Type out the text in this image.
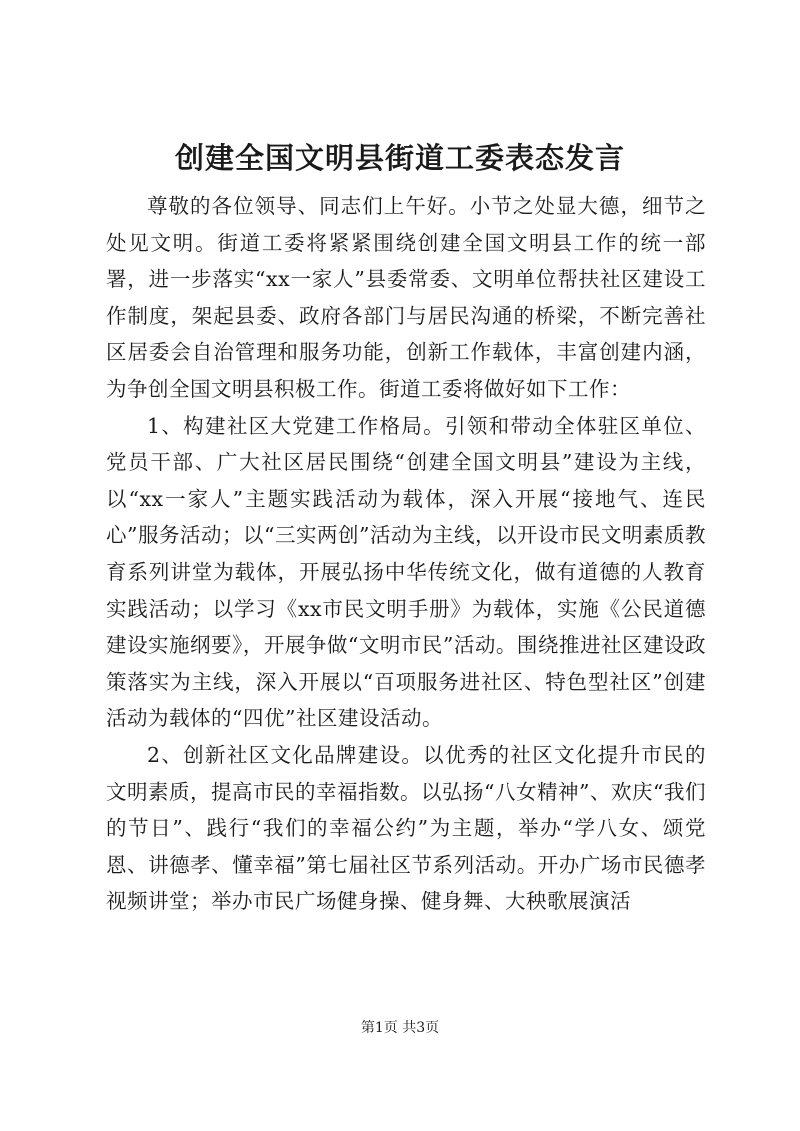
创建全国文明县街道工委表态发言

尊敬的各位领导、同志们上午好。小节之处显大德，细节之处见文明。街道工委将紧紧围绕创建全国文明县工作的统一部署，进一步落实“xx一家人”县委常委、文明单位帮扶社区建设工作制度，架起县委、政府各部门与居民沟通的桥梁，不断完善社区居委会自治管理和服务功能，创新工作载体，丰富创建内涵，为争创全国文明县积极工作。街道工委将做好如下工作：

1、构建社区大党建工作格局。引领和带动全体驻区单位、党员干部、广大社区居民围绕“创建全国文明县”建设为主线，以“xx一家人”主题实践活动为载体，深入开展“接地气、连民心”服务活动；以“三实两创”活动为主线，以开设市民文明素质教育系列讲堂为载体，开展弘扬中华传统文化，做有道德的人教育实践活动；以学习《xx市民文明手册》为载体，实施《公民道德建设实施纲要》，开展争做“文明市民”活动。围绕推进社区建设政策落实为主线，深入开展以“百项服务进社区、特色型社区”创建活动为载体的“四优”社区建设活动。

2、创新社区文化品牌建设。以优秀的社区文化提升市民的文明素质，提高市民的幸福指数。以弘扬“八女精神”、欢庆“我们的节日”、践行“我们的幸福公约”为主题，举办“学八女、颂党恩、讲德孝、懂幸福”第七届社区节系列活动。开办广场市民德孝视频讲堂；举办市民广场健身操、健身舞、大秧歌展演活

第1页 共3页
